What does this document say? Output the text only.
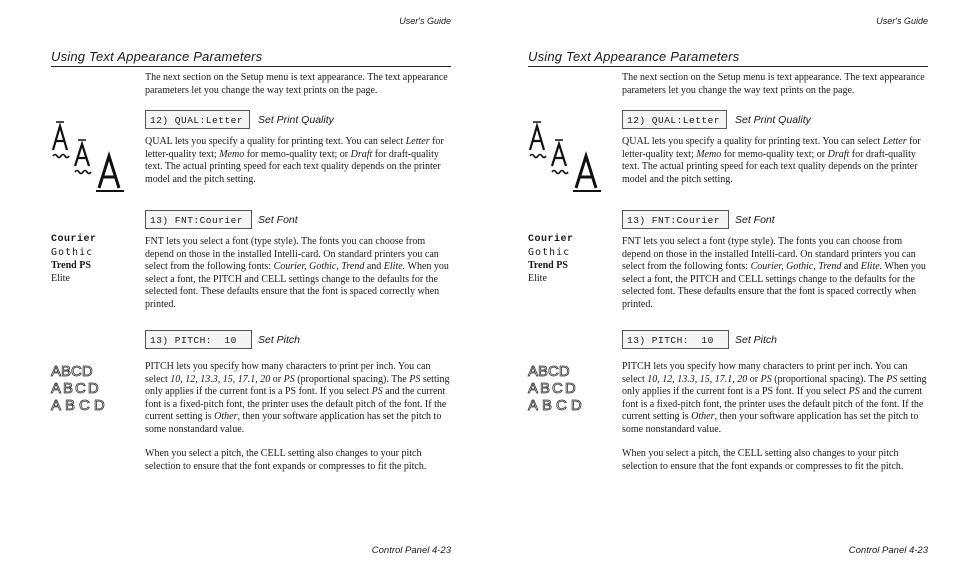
User's Guide
Using Text Appearance Parameters

The next section on the Setup menu is text appearance. The text appearance parameters let you change the way text prints on the page.

12) QUAL:Letter	Set Print Quality

QUAL lets you specify a quality for printing text. You can select Letter for letter-quality text; Memo for memo-quality text; or Draft for draft-quality text. The actual printing speed for each text quality depends on the printer model and the pitch setting.

Courier
Gothic
Trend PS
Elite
13) FNT:Courier	Set Font

FNT lets you select a font (type style). The fonts you can choose from depend on those in the installed Intelli-card. On standard printers you can select from the following fonts: Courier, Gothic, Trend and Elite. When you select a font, the PITCH and CELL settings change to the defaults for the selected font. These defaults ensure that the font is spaced correctly when printed.

ABCD
ABCD
ABCD
13) PITCH:  10	Set Pitch

PITCH lets you specify how many characters to print per inch. You can select 10, 12, 13.3, 15, 17.1, 20 or PS (proportional spacing). The PS setting only applies if the current font is a PS font. If you select PS and the current font is a fixed-pitch font, the printer uses the default pitch of the font. If the current setting is Other, then your software application has set the pitch to some nonstandard value.

When you select a pitch, the CELL setting also changes to your pitch selection to ensure that the font expands or compresses to fit the pitch.

Control Panel 4-23
User's Guide
Using Text Appearance Parameters

The next section on the Setup menu is text appearance. The text appearance parameters let you change the way text prints on the page.

12) QUAL:Letter	Set Print Quality

QUAL lets you specify a quality for printing text. You can select Letter for letter-quality text; Memo for memo-quality text; or Draft for draft-quality text. The actual printing speed for each text quality depends on the printer model and the pitch setting.

Courier
Gothic
Trend PS
Elite
13) FNT:Courier	Set Font

FNT lets you select a font (type style). The fonts you can choose from depend on those in the installed Intelli-card. On standard printers you can select from the following fonts: Courier, Gothic, Trend and Elite. When you select a font, the PITCH and CELL settings change to the defaults for the selected font. These defaults ensure that the font is spaced correctly when printed.

ABCD
ABCD
ABCD
13) PITCH:  10	Set Pitch

PITCH lets you specify how many characters to print per inch. You can select 10, 12, 13.3, 15, 17.1, 20 or PS (proportional spacing). The PS setting only applies if the current font is a PS font. If you select PS and the current font is a fixed-pitch font, the printer uses the default pitch of the font. If the current setting is Other, then your software application has set the pitch to some nonstandard value.

When you select a pitch, the CELL setting also changes to your pitch selection to ensure that the font expands or compresses to fit the pitch.

Control Panel 4-23
